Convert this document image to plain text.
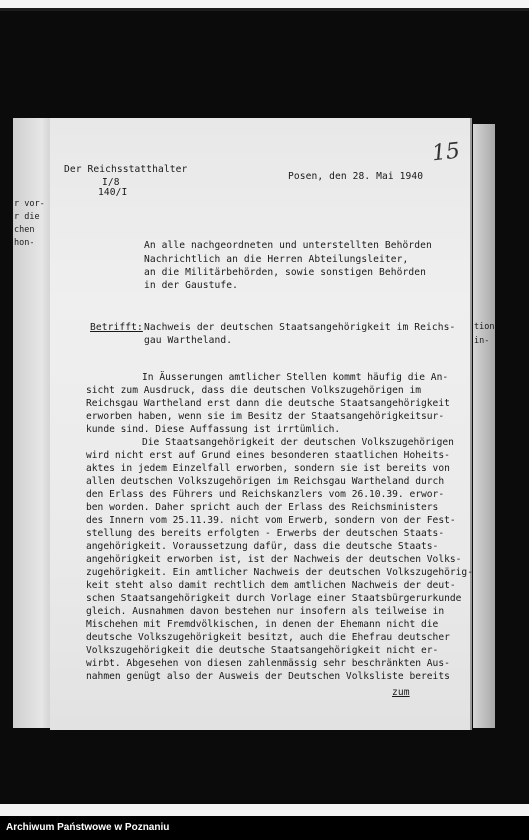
r vor-
r die
chen
hon-
tion
in-
15
Der Reichsstatthalter
I/8
140/I
Posen, den 28. Mai 1940
An alle nachgeordneten und unterstellten Behörden
Nachrichtlich an die Herren Abteilungsleiter,
an die Militärbehörden, sowie sonstigen Behörden
in der Gaustufe.
Betrifft: Nachweis der deutschen Staatsangehörigkeit im Reichs-
gau Wartheland.
In Äusserungen amtlicher Stellen kommt häufig die An-
sicht zum Ausdruck, dass die deutschen Volkszugehörigen im
Reichsgau Wartheland erst dann die deutsche Staatsangehörigkeit
erworben haben, wenn sie im Besitz der Staatsangehörigkeitsur-
kunde sind. Diese Auffassung ist irrtümlich.
Die Staatsangehörigkeit der deutschen Volkszugehörigen
wird nicht erst auf Grund eines besonderen staatlichen Hoheits-
aktes in jedem Einzelfall erworben, sondern sie ist bereits von
allen deutschen Volkszugehörigen im Reichsgau Wartheland durch
den Erlass des Führers und Reichskanzlers vom 26.10.39. erwor-
ben worden. Daher spricht auch der Erlass des Reichsministers
des Innern vom 25.11.39. nicht vom Erwerb, sondern von der Fest-
stellung des bereits erfolgten - Erwerbs der deutschen Staats-
angehörigkeit. Voraussetzung dafür, dass die deutsche Staats-
angehörigkeit erworben ist, ist der Nachweis der deutschen Volks-
zugehörigkeit. Ein amtlicher Nachweis der deutschen Volkszugehörig-
keit steht also damit rechtlich dem amtlichen Nachweis der deut-
schen Staatsangehörigkeit durch Vorlage einer Staatsbürgerurkunde
gleich. Ausnahmen davon bestehen nur insofern als teilweise in
Mischehen mit Fremdvölkischen, in denen der Ehemann nicht die
deutsche Volkszugehörigkeit besitzt, auch die Ehefrau deutscher
Volkszugehörigkeit die deutsche Staatsangehörigkeit nicht er-
wirbt. Abgesehen von diesen zahlenmässig sehr beschränkten Aus-
nahmen genügt also der Ausweis der Deutschen Volksliste bereits
zum
Archiwum Państwowe w Poznaniu
